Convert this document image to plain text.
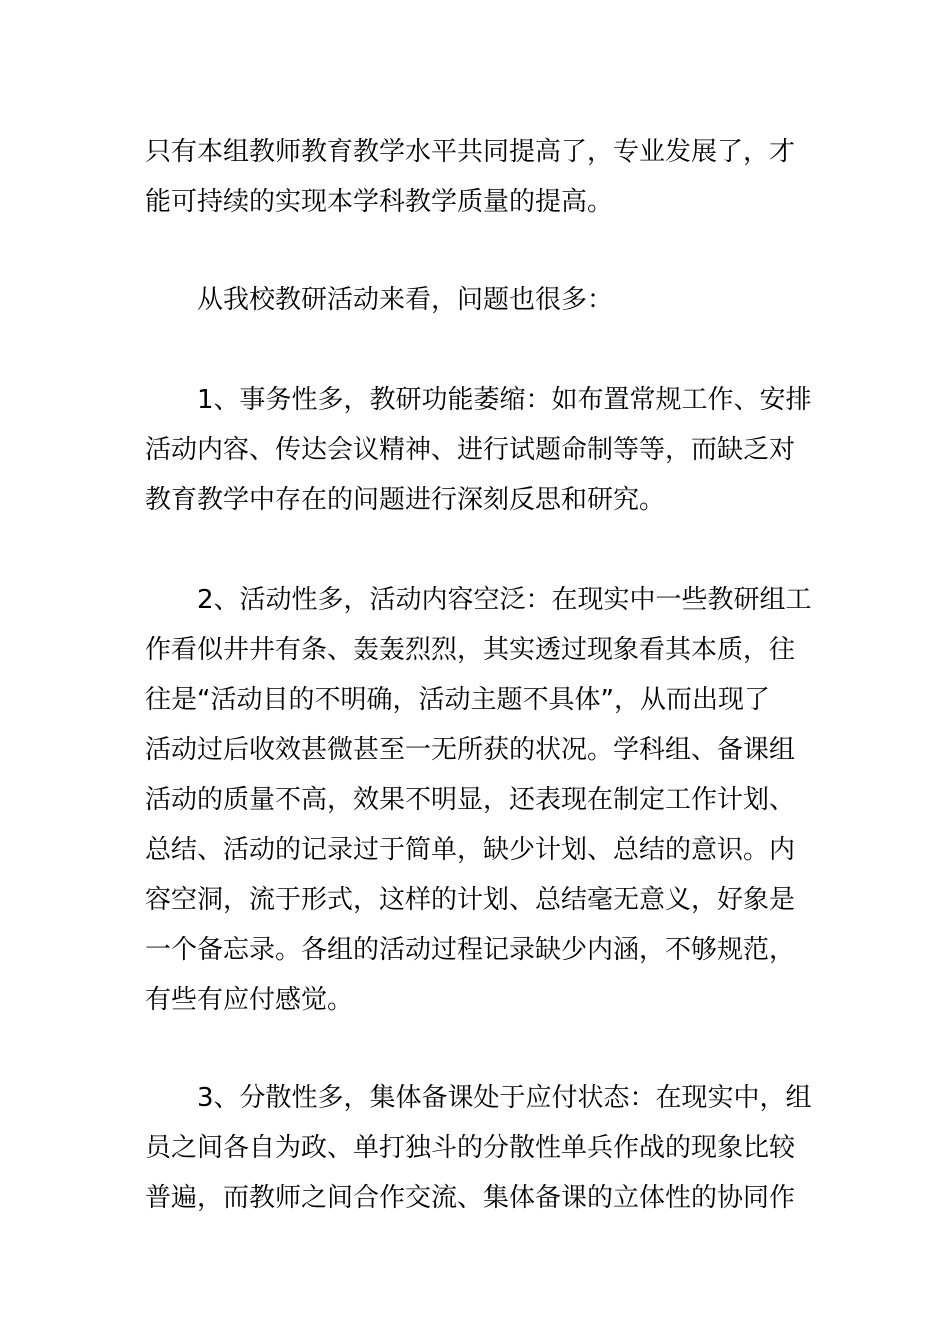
只有本组教师教育教学水平共同提高了，专业发展了，才
能可持续的实现本学科教学质量的提高。
从我校教研活动来看，问题也很多：
1、事务性多，教研功能萎缩：如布置常规工作、安排
活动内容、传达会议精神、进行试题命制等等，而缺乏对
教育教学中存在的问题进行深刻反思和研究。
2、活动性多，活动内容空泛：在现实中一些教研组工
作看似井井有条、轰轰烈烈，其实透过现象看其本质，往
往是“活动目的不明确，活动主题不具体”，从而出现了
活动过后收效甚微甚至一无所获的状况。学科组、备课组
活动的质量不高，效果不明显，还表现在制定工作计划、
总结、活动的记录过于简单，缺少计划、总结的意识。内
容空洞，流于形式，这样的计划、总结毫无意义，好象是
一个备忘录。各组的活动过程记录缺少内涵，不够规范，
有些有应付感觉。
3、分散性多，集体备课处于应付状态：在现实中，组
员之间各自为政、单打独斗的分散性单兵作战的现象比较
普遍，而教师之间合作交流、集体备课的立体性的协同作
